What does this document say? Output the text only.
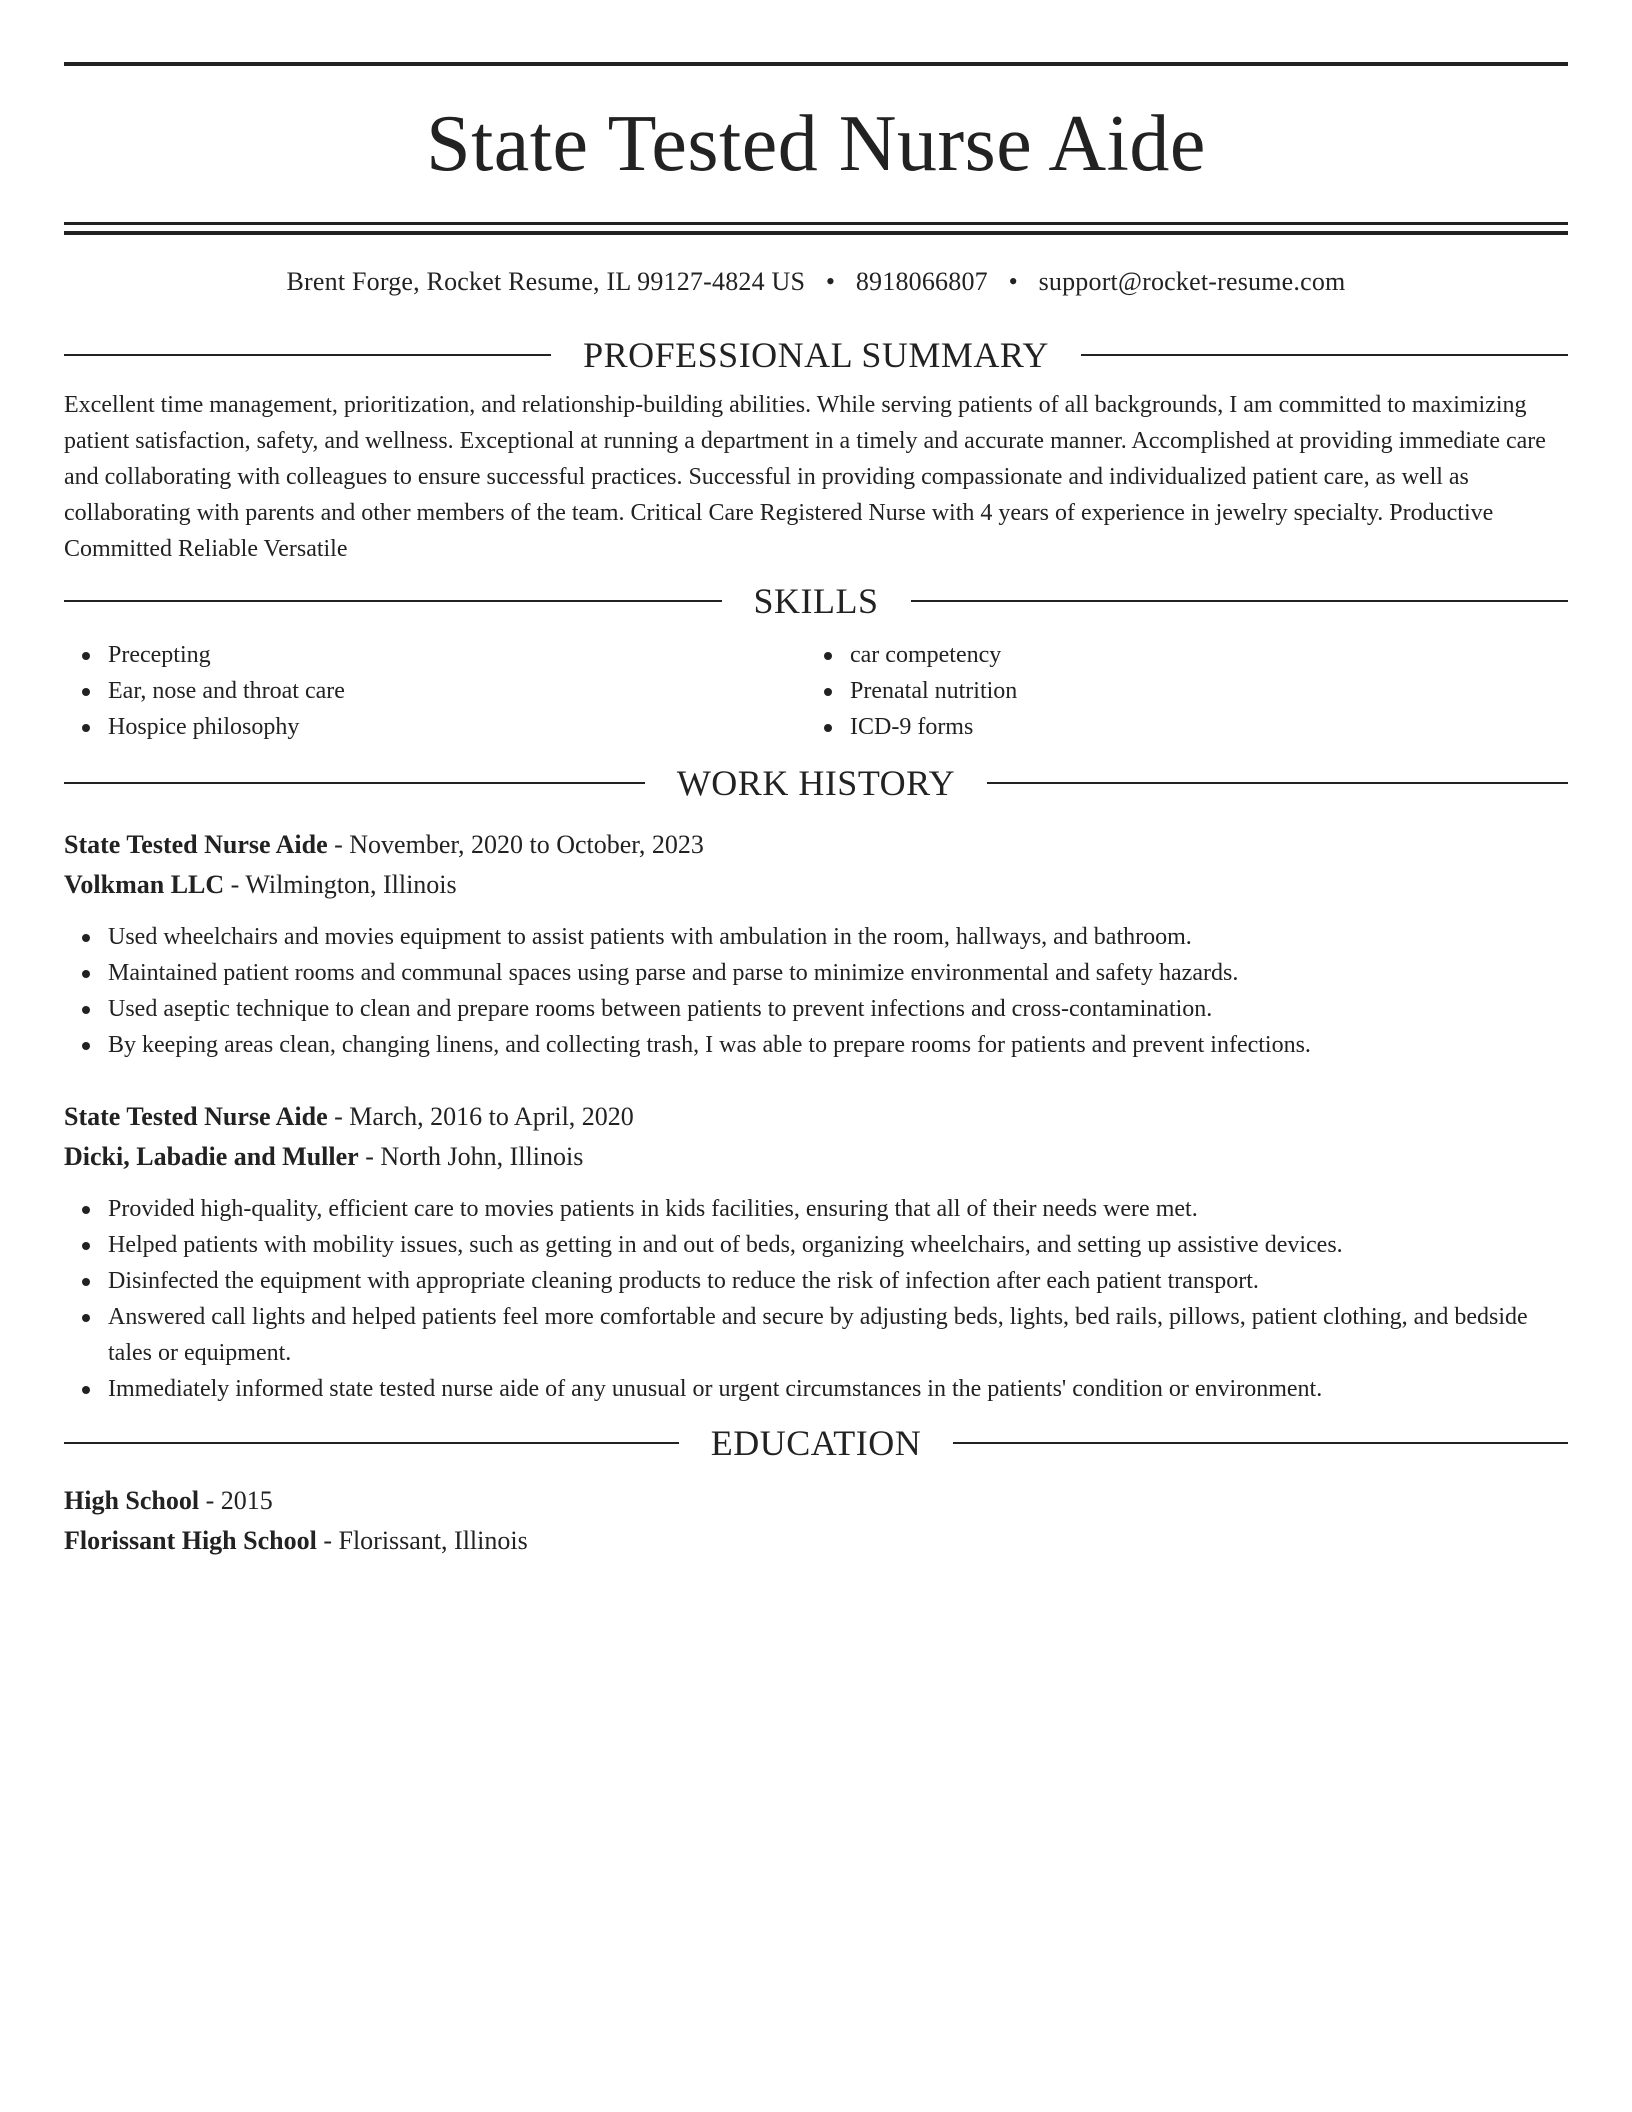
State Tested Nurse Aide
Brent Forge, Rocket Resume, IL 99127-4824 US • 8918066807 • support@rocket-resume.com
PROFESSIONAL SUMMARY

Excellent time management, prioritization, and relationship-building abilities. While serving patients of all backgrounds, I am committed to maximizing patient satisfaction, safety, and wellness. Exceptional at running a department in a timely and accurate manner. Accomplished at providing immediate care and collaborating with colleagues to ensure successful practices. Successful in providing compassionate and individualized patient care, as well as collaborating with parents and other members of the team. Critical Care Registered Nurse with 4 years of experience in jewelry specialty. Productive Committed Reliable Versatile

SKILLS
Precepting
Ear, nose and throat care
Hospice philosophy
car competency
Prenatal nutrition
ICD-9 forms
WORK HISTORY
State Tested Nurse Aide - November, 2020 to October, 2023
Volkman LLC - Wilmington, Illinois
Used wheelchairs and movies equipment to assist patients with ambulation in the room, hallways, and bathroom.
Maintained patient rooms and communal spaces using parse and parse to minimize environmental and safety hazards.
Used aseptic technique to clean and prepare rooms between patients to prevent infections and cross-contamination.
By keeping areas clean, changing linens, and collecting trash, I was able to prepare rooms for patients and prevent infections.
State Tested Nurse Aide - March, 2016 to April, 2020
Dicki, Labadie and Muller - North John, Illinois
Provided high-quality, efficient care to movies patients in kids facilities, ensuring that all of their needs were met.
Helped patients with mobility issues, such as getting in and out of beds, organizing wheelchairs, and setting up assistive devices.
Disinfected the equipment with appropriate cleaning products to reduce the risk of infection after each patient transport.
Answered call lights and helped patients feel more comfortable and secure by adjusting beds, lights, bed rails, pillows, patient clothing, and bedside tales or equipment.
Immediately informed state tested nurse aide of any unusual or urgent circumstances in the patients' condition or environment.
EDUCATION
High School - 2015
Florissant High School - Florissant, Illinois
